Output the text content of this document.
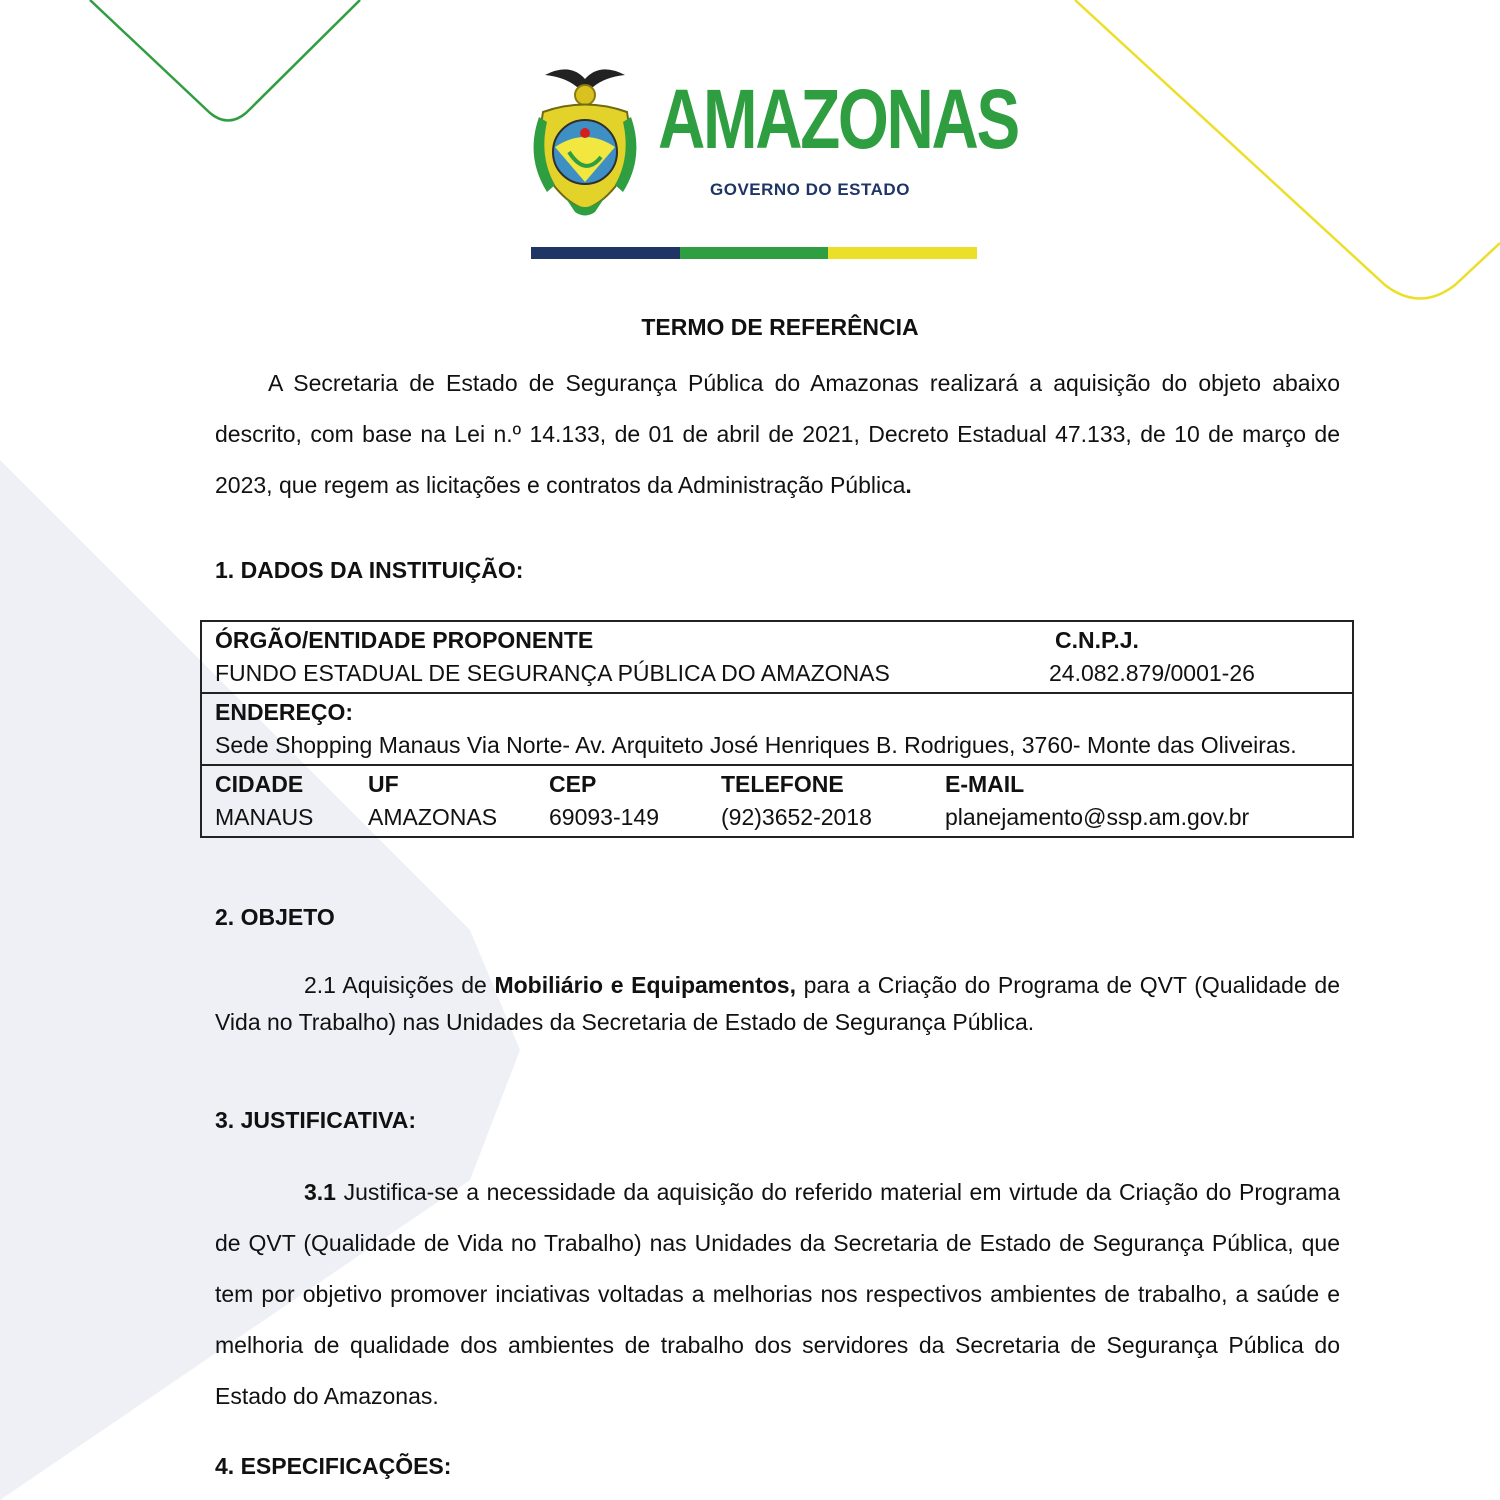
AMAZONAS
GOVERNO DO ESTADO
TERMO DE REFERÊNCIA
A Secretaria de Estado de Segurança Pública do Amazonas realizará a aquisição do objeto abaixo descrito, com base na Lei n.º 14.133, de 01 de abril de 2021, Decreto Estadual 47.133, de 10 de março de 2023, que regem as licitações e contratos da Administração Pública.
1. DADOS DA INSTITUIÇÃO:
ÓRGÃO/ENTIDADE PROPONENTE	C.N.P.J.
FUNDO ESTADUAL DE SEGURANÇA PÚBLICA DO AMAZONAS	24.082.879/0001-26

ENDEREÇO:
Sede Shopping Manaus Via Norte- Av. Arquiteto José Henriques B. Rodrigues, 3760- Monte das Oliveiras.

CIDADE	UF	CEP	TELEFONE	E-MAIL
MANAUS	AMAZONAS	69093-149	(92)3652-2018	planejamento@ssp.am.gov.br
2. OBJETO
2.1 Aquisições de Mobiliário e Equipamentos, para a Criação do Programa de QVT (Qualidade de Vida no Trabalho) nas Unidades da Secretaria de Estado de Segurança Pública.
3. JUSTIFICATIVA:
3.1 Justifica-se a necessidade da aquisição do referido material em virtude da Criação do Programa de QVT (Qualidade de Vida no Trabalho) nas Unidades da Secretaria de Estado de Segurança Pública, que tem por objetivo promover inciativas voltadas a melhorias nos respectivos ambientes de trabalho, a saúde e melhoria de qualidade dos ambientes de trabalho dos servidores da Secretaria de Segurança Pública do Estado do Amazonas.
4. ESPECIFICAÇÕES:
